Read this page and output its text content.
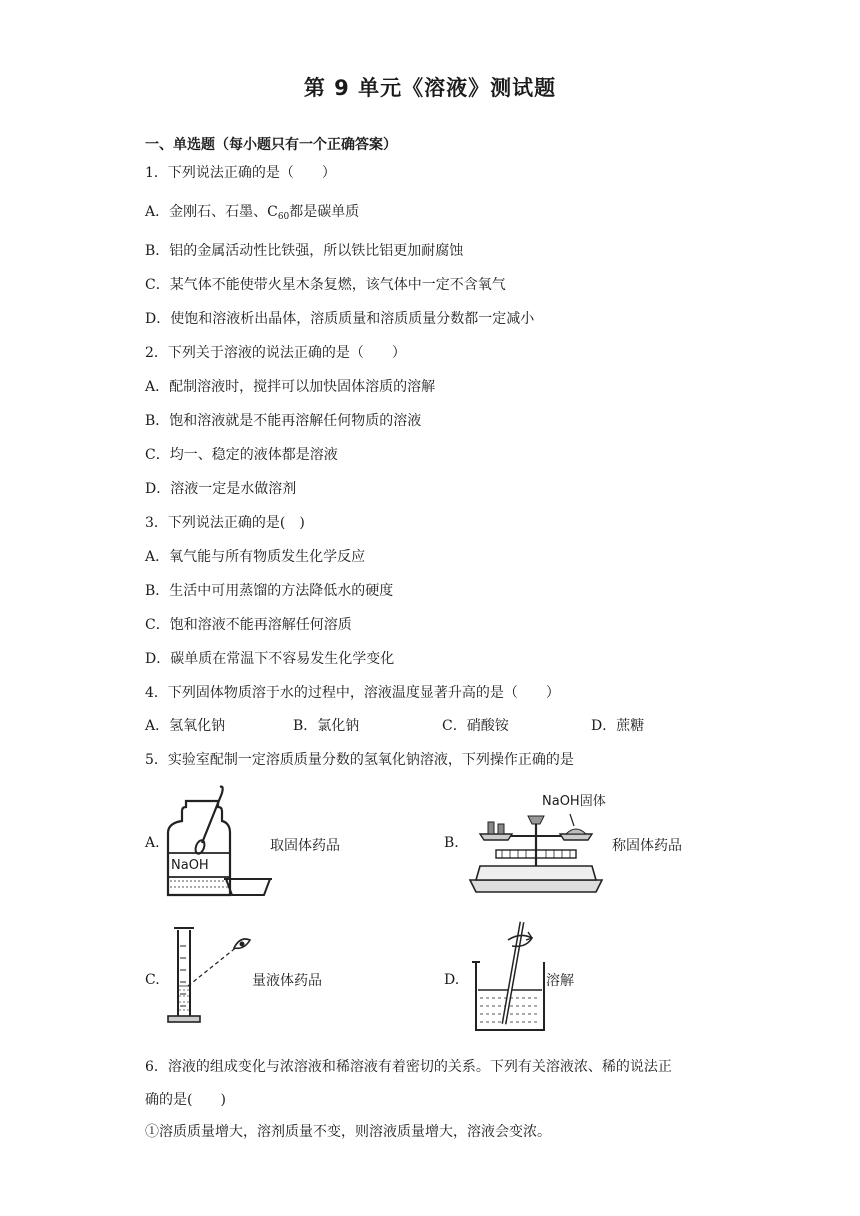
第 9 单元《溶液》测试题
一、单选题（每小题只有一个正确答案）
1．下列说法正确的是（　　）
A．金刚石、石墨、$C_{60}$都是碳单质
B．铝的金属活动性比铁强，所以铁比铝更加耐腐蚀
C．某气体不能使带火星木条复燃，该气体中一定不含氧气
D．使饱和溶液析出晶体，溶质质量和溶质质量分数都一定减小
2．下列关于溶液的说法正确的是（　　）
A．配制溶液时，搅拌可以加快固体溶质的溶解
B．饱和溶液就是不能再溶解任何物质的溶液
C．均一、稳定的液体都是溶液
D．溶液一定是水做溶剂
3．下列说法正确的是(　)
A．氧气能与所有物质发生化学反应
B．生活中可用蒸馏的方法降低水的硬度
C．饱和溶液不能再溶解任何溶质
D．碳单质在常温下不容易发生化学变化
4．下列固体物质溶于水的过程中，溶液温度显著升高的是（　　）
A．氢氧化钠	B．氯化钠	C．硝酸铵	D．蔗糖
5．实验室配制一定溶质质量分数的氢氧化钠溶液，下列操作正确的是
A.
NaOH
取固体药品	B.
NaOH固体
称固体药品
C.	量液体药品	D.	溶解
6．溶液的组成变化与浓溶液和稀溶液有着密切的关系。下列有关溶液浓、稀的说法正
确的是(　　)
①溶质质量增大，溶剂质量不变，则溶液质量增大，溶液会变浓。
